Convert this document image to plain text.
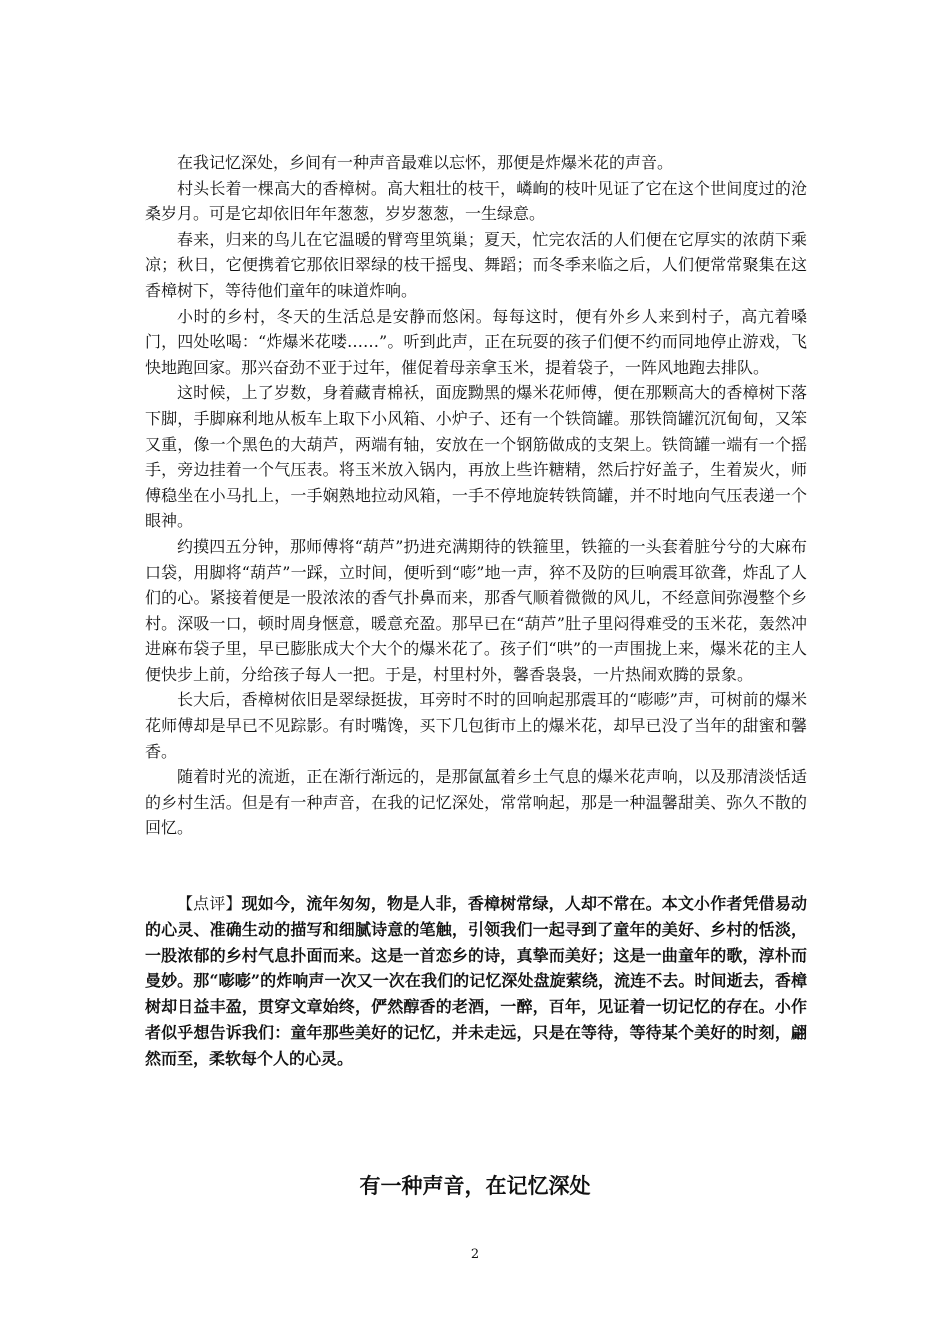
在我记忆深处，乡间有一种声音最难以忘怀，那便是炸爆米花的声音。

村头长着一棵高大的香樟树。高大粗壮的枝干，嶙峋的枝叶见证了它在这个世间度过的沧桑岁月。可是它却依旧年年葱葱，岁岁葱葱，一生绿意。

春来，归来的鸟儿在它温暖的臂弯里筑巢；夏天，忙完农活的人们便在它厚实的浓荫下乘凉；秋日，它便携着它那依旧翠绿的枝干摇曳、舞蹈；而冬季来临之后，人们便常常聚集在这香樟树下，等待他们童年的味道炸响。

小时的乡村，冬天的生活总是安静而悠闲。每每这时，便有外乡人来到村子，高亢着嗓门，四处吆喝：“炸爆米花喽……”。听到此声，正在玩耍的孩子们便不约而同地停止游戏，飞快地跑回家。那兴奋劲不亚于过年，催促着母亲拿玉米，提着袋子，一阵风地跑去排队。

这时候，上了岁数，身着藏青棉袄，面庞黝黑的爆米花师傅，便在那颗高大的香樟树下落下脚，手脚麻利地从板车上取下小风箱、小炉子、还有一个铁筒罐。那铁筒罐沉沉甸甸，又笨又重，像一个黑色的大葫芦，两端有轴，安放在一个钢筋做成的支架上。铁筒罐一端有一个摇手，旁边挂着一个气压表。将玉米放入锅内，再放上些许糖精，然后拧好盖子，生着炭火，师傅稳坐在小马扎上，一手娴熟地拉动风箱，一手不停地旋转铁筒罐，并不时地向气压表递一个眼神。

约摸四五分钟，那师傅将“葫芦”扔进充满期待的铁箍里，铁箍的一头套着脏兮兮的大麻布口袋，用脚将“葫芦”一踩，立时间，便听到“嘭”地一声，猝不及防的巨响震耳欲聋，炸乱了人们的心。紧接着便是一股浓浓的香气扑鼻而来，那香气顺着微微的风儿，不经意间弥漫整个乡村。深吸一口，顿时周身惬意，暖意充盈。那早已在“葫芦”肚子里闷得难受的玉米花，轰然冲进麻布袋子里，早已膨胀成大个大个的爆米花了。孩子们“哄”的一声围拢上来，爆米花的主人便快步上前，分给孩子每人一把。于是，村里村外，馨香袅袅，一片热闹欢腾的景象。

长大后，香樟树依旧是翠绿挺拔，耳旁时不时的回响起那震耳的“嘭嘭”声，可树前的爆米花师傅却是早已不见踪影。有时嘴馋，买下几包街市上的爆米花，却早已没了当年的甜蜜和馨香。

随着时光的流逝，正在渐行渐远的，是那氤氲着乡土气息的爆米花声响，以及那清淡恬适的乡村生活。但是有一种声音，在我的记忆深处，常常响起，那是一种温馨甜美、弥久不散的回忆。

【点评】现如今，流年匆匆，物是人非，香樟树常绿，人却不常在。本文小作者凭借易动的心灵、准确生动的描写和细腻诗意的笔触，引领我们一起寻到了童年的美好、乡村的恬淡，一股浓郁的乡村气息扑面而来。这是一首恋乡的诗，真挚而美好；这是一曲童年的歌，淳朴而曼妙。那“嘭嘭”的炸响声一次又一次在我们的记忆深处盘旋萦绕，流连不去。时间逝去，香樟树却日益丰盈，贯穿文章始终，俨然醇香的老酒，一醉，百年，见证着一切记忆的存在。小作者似乎想告诉我们：童年那些美好的记忆，并未走远，只是在等待，等待某个美好的时刻，翩然而至，柔软每个人的心灵。

有一种声音，在记忆深处
2
